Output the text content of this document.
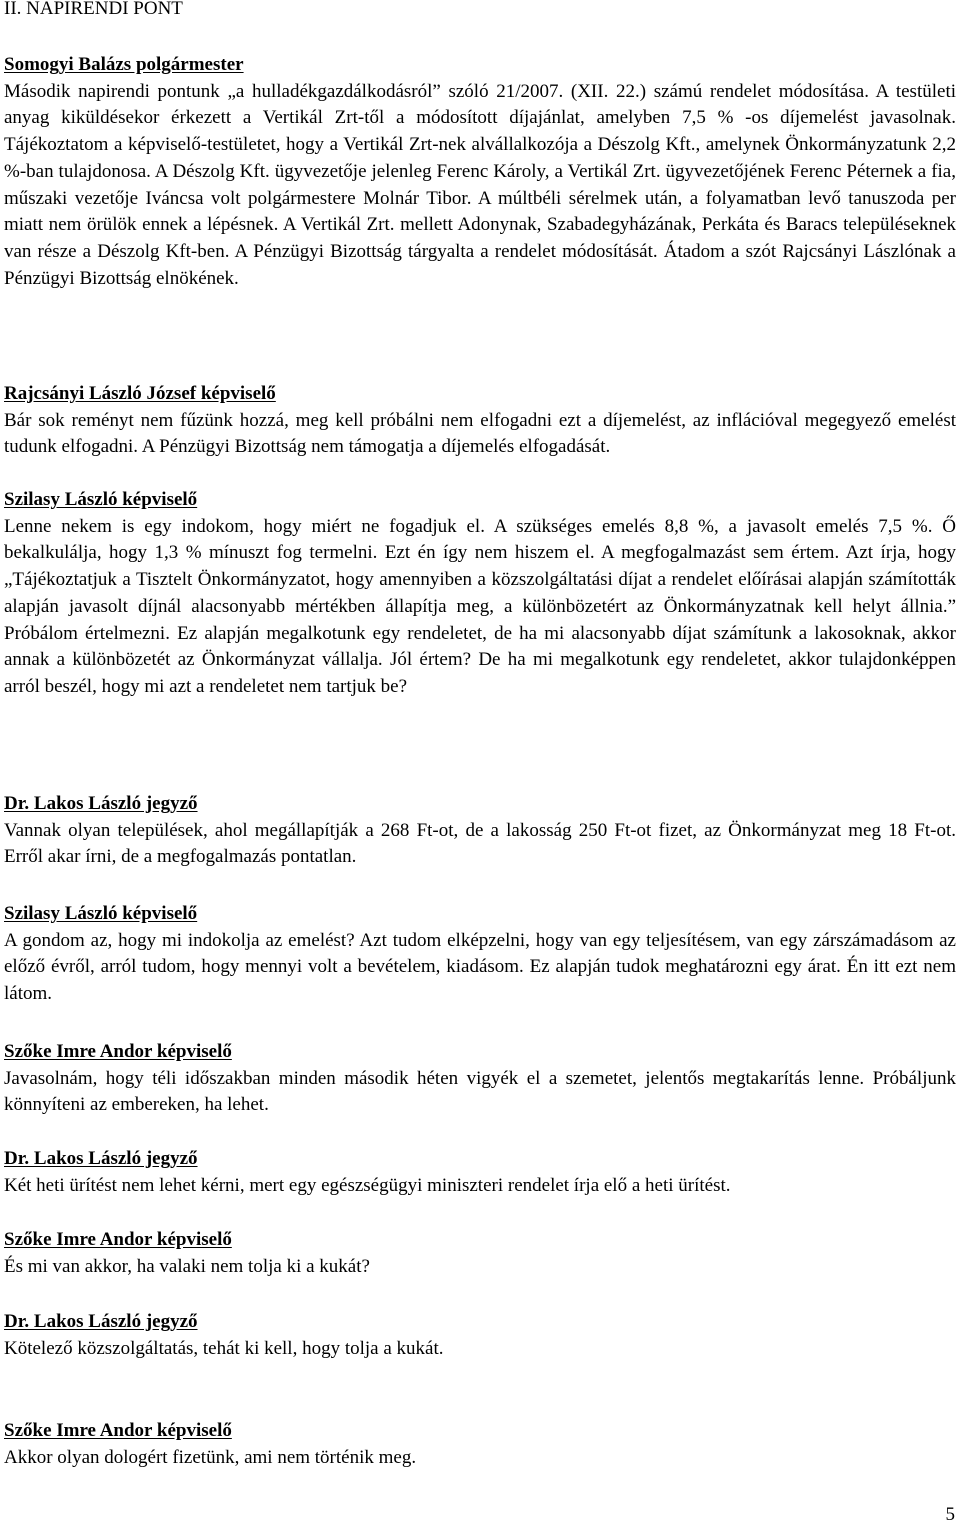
II. NAPIRENDI PONT
Somogyi Balázs polgármester

Második napirendi pontunk „a hulladékgazdálkodásról” szóló 21/2007. (XII. 22.) számú rendelet módosítása. A testületi anyag kiküldésekor érkezett a Vertikál Zrt-től a módosított díjajánlat, amelyben 7,5 % -os díjemelést javasolnak. Tájékoztatom a képviselő-testületet, hogy a Vertikál Zrt-nek alvállalkozója a Dészolg Kft., amelynek Önkormányzatunk 2,2 %-ban tulajdonosa. A Dészolg Kft. ügyvezetője jelenleg Ferenc Károly, a Vertikál Zrt. ügyvezetőjének Ferenc Péternek a fia, műszaki vezetője Iváncsa volt polgármestere Molnár Tibor. A múltbéli sérelmek után, a folyamatban levő tanuszoda per miatt nem örülök ennek a lépésnek. A Vertikál Zrt. mellett Adonynak, Szabadegyházának, Perkáta és Baracs településeknek van része a Dészolg Kft-ben. A Pénzügyi Bizottság tárgyalta a rendelet módosítását. Átadom a szót Rajcsányi Lászlónak a Pénzügyi Bizottság elnökének.

Rajcsányi László József képviselő

Bár sok reményt nem fűzünk hozzá, meg kell próbálni nem elfogadni ezt a díjemelést, az inflációval megegyező emelést tudunk elfogadni. A Pénzügyi Bizottság nem támogatja a díjemelés elfogadását.

Szilasy László képviselő

Lenne nekem is egy indokom, hogy miért ne fogadjuk el. A szükséges emelés 8,8 %, a javasolt emelés 7,5 %. Ő bekalkulálja, hogy 1,3 % mínuszt fog termelni. Ezt én így nem hiszem el. A megfogalmazást sem értem. Azt írja, hogy „Tájékoztatjuk a Tisztelt Önkormányzatot, hogy amennyiben a közszolgáltatási díjat a rendelet előírásai alapján számították alapján javasolt díjnál alacsonyabb mértékben állapítja meg, a különbözetért az Önkormányzatnak kell helyt állnia.” Próbálom értelmezni. Ez alapján megalkotunk egy rendeletet, de ha mi alacsonyabb díjat számítunk a lakosoknak, akkor annak a különbözetét az Önkormányzat vállalja. Jól értem? De ha mi megalkotunk egy rendeletet, akkor tulajdonképpen arról beszél, hogy mi azt a rendeletet nem tartjuk be?

Dr. Lakos László jegyző

Vannak olyan települések, ahol megállapítják a 268 Ft-ot, de a lakosság 250 Ft-ot fizet, az Önkormányzat meg 18 Ft-ot. Erről akar írni, de a megfogalmazás pontatlan.

Szilasy László képviselő

A gondom az, hogy mi indokolja az emelést? Azt tudom elképzelni, hogy van egy teljesítésem, van egy zárszámadásom az előző évről, arról tudom, hogy mennyi volt a bevételem, kiadásom. Ez alapján tudok meghatározni egy árat. Én itt ezt nem látom.

Szőke Imre Andor képviselő

Javasolnám, hogy téli időszakban minden második héten vigyék el a szemetet, jelentős megtakarítás lenne. Próbáljunk könnyíteni az embereken, ha lehet.

Dr. Lakos László jegyző

Két heti ürítést nem lehet kérni, mert egy egészségügyi miniszteri rendelet írja elő a heti ürítést.

Szőke Imre Andor képviselő

És mi van akkor, ha valaki nem tolja ki a kukát?

Dr. Lakos László jegyző

Kötelező közszolgáltatás, tehát ki kell, hogy tolja a kukát.

Szőke Imre Andor képviselő

Akkor olyan dologért fizetünk, ami nem történik meg.

5
